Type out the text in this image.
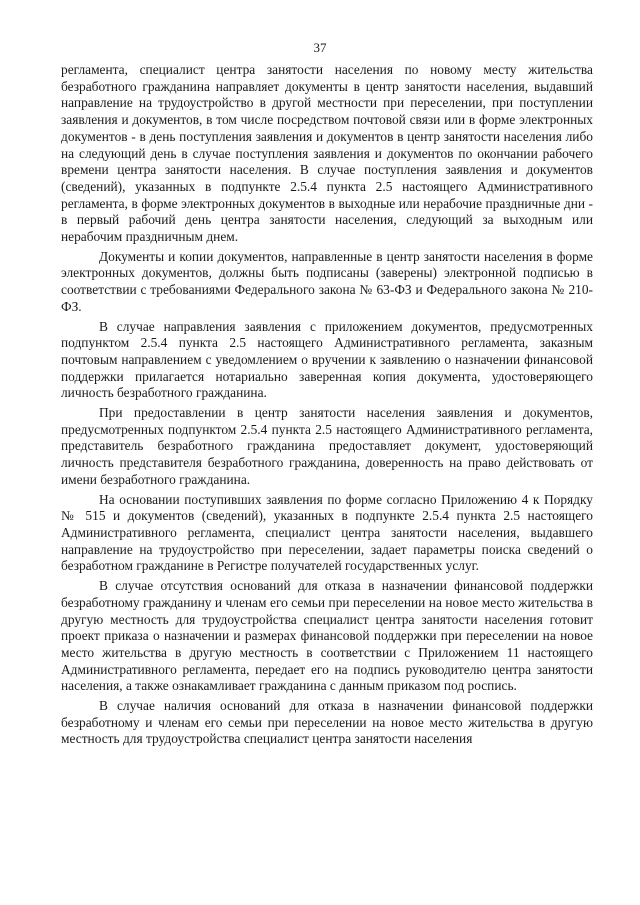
37

регламента, специалист центра занятости населения по новому месту жительства безработного гражданина направляет документы в центр занятости населения, выдавший направление на трудоустройство в другой местности при переселении, при поступлении заявления и документов, в том числе посредством почтовой связи или в форме электронных документов - в день поступления заявления и документов в центр занятости населения либо на следующий день в случае поступления заявления и документов по окончании рабочего времени центра занятости населения. В случае поступления заявления и документов (сведений), указанных в подпункте 2.5.4 пункта 2.5 настоящего Административного регламента, в форме электронных документов в выходные или нерабочие праздничные дни - в первый рабочий день центра занятости населения, следующий за выходным или нерабочим праздничным днем.

Документы и копии документов, направленные в центр занятости населения в форме электронных документов, должны быть подписаны (заверены) электронной подписью в соответствии с требованиями Федерального закона № 63-ФЗ и Федерального закона № 210-ФЗ.

В случае направления заявления с приложением документов, предусмотренных подпунктом 2.5.4 пункта 2.5 настоящего Административного регламента, заказным почтовым направлением с уведомлением о вручении к заявлению о назначении финансовой поддержки прилагается нотариально заверенная копия документа, удостоверяющего личность безработного гражданина.

При предоставлении в центр занятости населения заявления и документов, предусмотренных подпунктом 2.5.4 пункта 2.5 настоящего Административного регламента, представитель безработного гражданина предоставляет документ, удостоверяющий личность представителя безработного гражданина, доверенность на право действовать от имени безработного гражданина.

На основании поступивших заявления по форме согласно Приложению 4 к Порядку № 515 и документов (сведений), указанных в подпункте 2.5.4 пункта 2.5 настоящего Административного регламента, специалист центра занятости населения, выдавшего направление на трудоустройство при переселении, задает параметры поиска сведений о безработном гражданине в Регистре получателей государственных услуг.

В случае отсутствия оснований для отказа в назначении финансовой поддержки безработному гражданину и членам его семьи при переселении на новое место жительства в другую местность для трудоустройства специалист центра занятости населения готовит проект приказа о назначении и размерах финансовой поддержки при переселении на новое место жительства в другую местность в соответствии с Приложением 11 настоящего Административного регламента, передает его на подпись руководителю центра занятости населения, а также ознакамливает гражданина с данным приказом под роспись.

В случае наличия оснований для отказа в назначении финансовой поддержки безработному и членам его семьи при переселении на новое место жительства в другую местность для трудоустройства специалист центра занятости населения
